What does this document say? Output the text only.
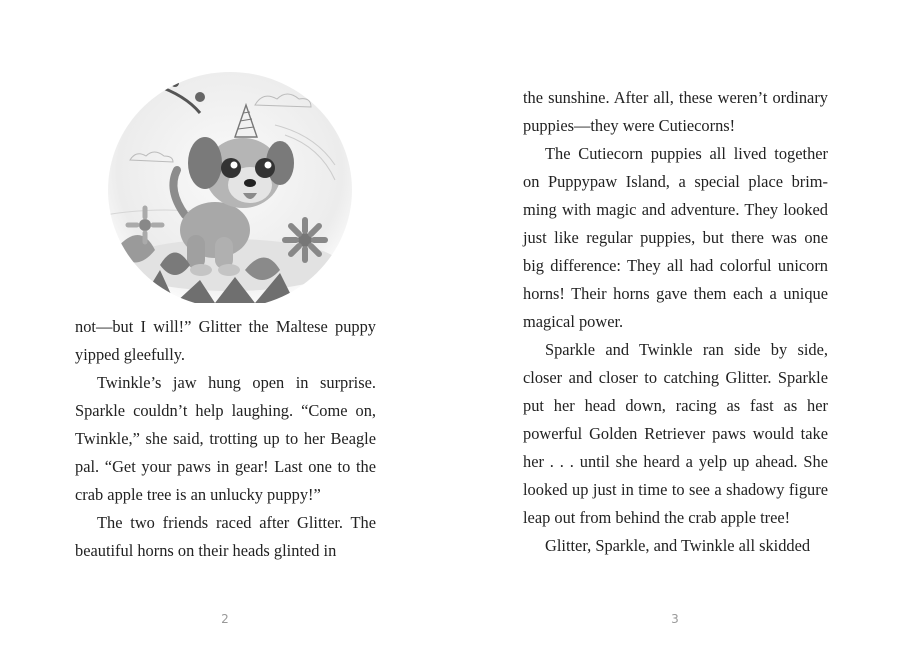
not—but I will!” Glitter the Maltese puppy yipped gleefully.

Twinkle’s jaw hung open in surprise. Sparkle couldn’t help laughing. “Come on, Twinkle,” she said, trotting up to her Beagle pal. “Get your paws in gear! Last one to the crab apple tree is an unlucky puppy!”

The two friends raced after Glitter. The beautiful horns on their heads glinted in

2

the sunshine. After all, these weren’t ordinary puppies—they were Cutiecorns!

The Cutiecorn puppies all lived together on Puppypaw Island, a special place brimming with magic and adventure. They looked just like regular puppies, but there was one big difference: They all had colorful unicorn horns! Their horns gave them each a unique magical power.

Sparkle and Twinkle ran side by side, closer and closer to catching Glitter. Sparkle put her head down, racing as fast as her powerful Golden Retriever paws would take her . . . until she heard a yelp up ahead. She looked up just in time to see a shadowy figure leap out from behind the crab apple tree!

Glitter, Sparkle, and Twinkle all skidded

3
